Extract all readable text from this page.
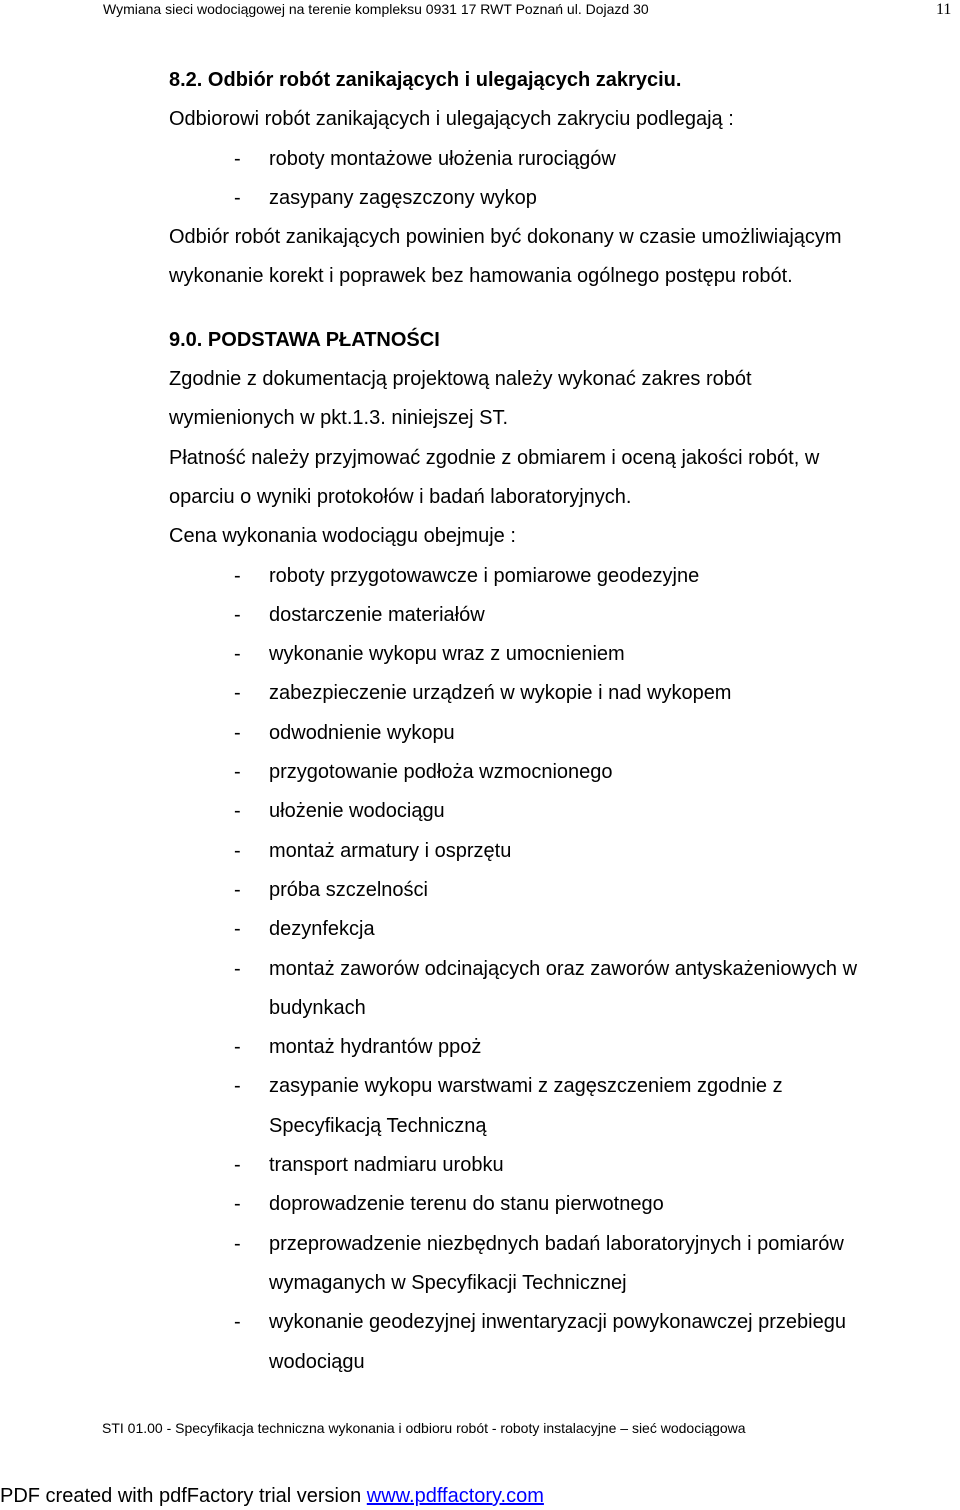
Wymiana sieci wodociągowej na terenie kompleksu 0931 17 RWT Poznań ul. Dojazd 30	11
8.2. Odbiór robót zanikających i ulegających zakryciu.
Odbiorowi robót zanikających i ulegających zakryciu podlegają :
- roboty montażowe ułożenia rurociągów
- zasypany zagęszczony wykop
Odbiór robót zanikających powinien być dokonany w czasie umożliwiającym
wykonanie korekt i poprawek bez hamowania ogólnego postępu robót.
9.0. PODSTAWA PŁATNOŚCI
Zgodnie z dokumentacją projektową należy wykonać zakres robót
wymienionych w pkt.1.3. niniejszej ST.
Płatność należy przyjmować zgodnie z obmiarem i oceną jakości robót, w
oparciu o wyniki protokołów i badań laboratoryjnych.
Cena wykonania wodociągu obejmuje :
- roboty przygotowawcze i pomiarowe geodezyjne
- dostarczenie materiałów
- wykonanie wykopu wraz z umocnieniem
- zabezpieczenie urządzeń w wykopie i nad wykopem
- odwodnienie wykopu
- przygotowanie podłoża wzmocnionego
- ułożenie wodociągu
- montaż armatury i osprzętu
- próba szczelności
- dezynfekcja
- montaż zaworów odcinających oraz zaworów antyskażeniowych w
budynkach
- montaż hydrantów ppoż
- zasypanie wykopu warstwami z zagęszczeniem zgodnie z
Specyfikacją Techniczną
- transport nadmiaru urobku
- doprowadzenie terenu do stanu pierwotnego
- przeprowadzenie niezbędnych badań laboratoryjnych i pomiarów
wymaganych w Specyfikacji Technicznej
- wykonanie geodezyjnej inwentaryzacji powykonawczej przebiegu
wodociągu
STI 01.00 - Specyfikacja techniczna wykonania i odbioru robót - roboty instalacyjne – sieć wodociągowa
PDF created with pdfFactory trial version www.pdffactory.com
